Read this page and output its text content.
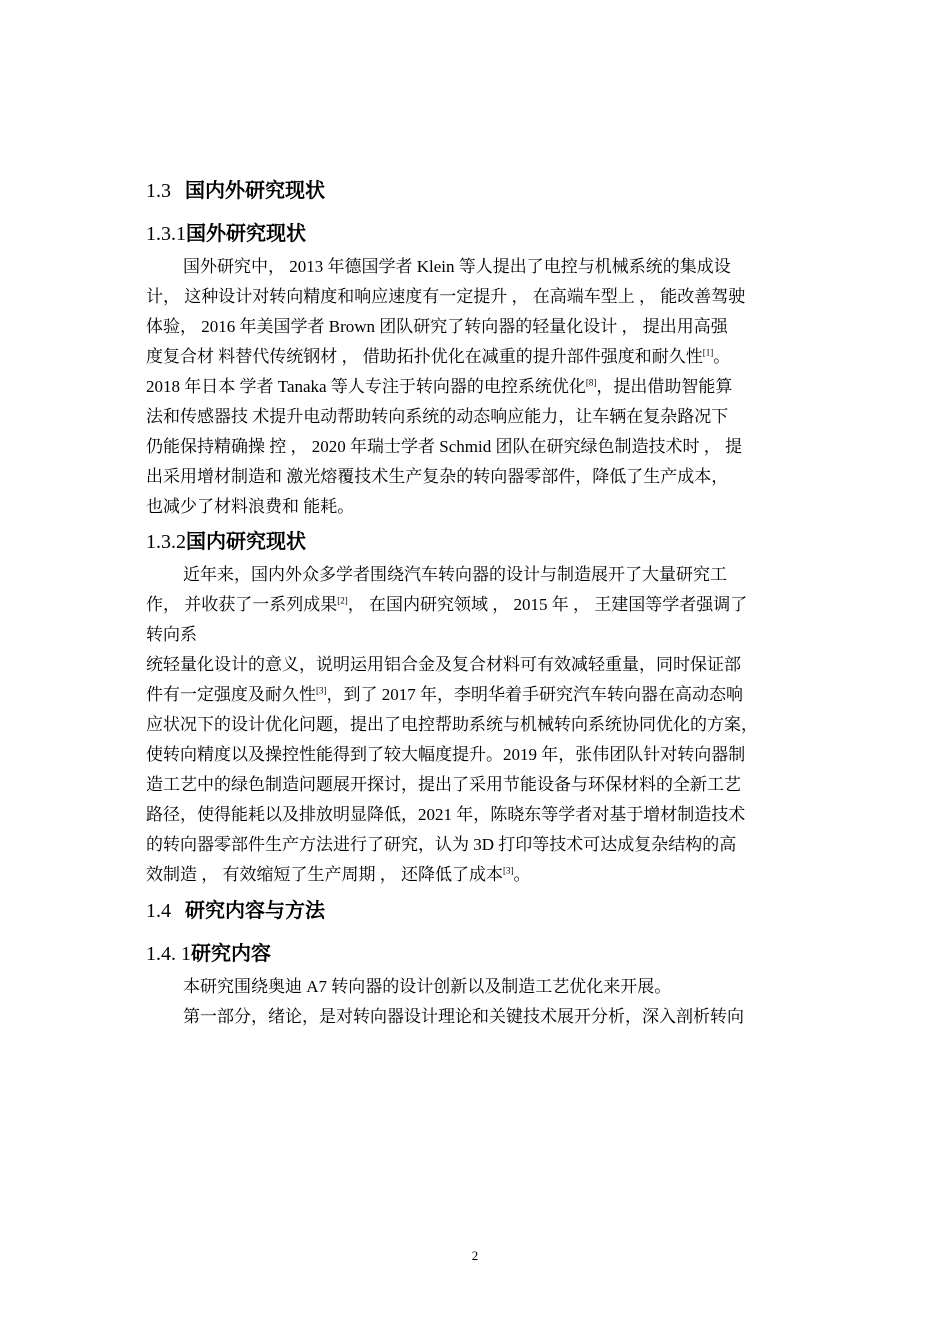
1.3 国内外研究现状
1.3.1国外研究现状
国外研究中， 2013 年德国学者 Klein 等人提出了电控与机械系统的集成设
计， 这种设计对转向精度和响应速度有一定提升 ， 在高端车型上 ， 能改善驾驶
体验， 2016 年美国学者 Brown 团队研究了转向器的轻量化设计 ， 提出用高强
度复合材 料替代传统钢材 ， 借助拓扑优化在减重的提升部件强度和耐久性[1]。
2018 年日本 学者 Tanaka 等人专注于转向器的电控系统优化[8]，提出借助智能算
法和传感器技 术提升电动帮助转向系统的动态响应能力，让车辆在复杂路况下
仍能保持精确操 控 ， 2020 年瑞士学者 Schmid 团队在研究绿色制造技术时 ， 提
出采用增材制造和 激光熔覆技术生产复杂的转向器零部件，降低了生产成本，
也减少了材料浪费和 能耗。
1.3.2国内研究现状
近年来，国内外众多学者围绕汽车转向器的设计与制造展开了大量研究工
作， 并收获了一系列成果[2]， 在国内研究领域 ， 2015 年 ， 王建国等学者强调了
转向系
统轻量化设计的意义，说明运用铝合金及复合材料可有效减轻重量，同时保证部
件有一定强度及耐久性[3]，到了 2017 年，李明华着手研究汽车转向器在高动态响
应状况下的设计优化问题，提出了电控帮助系统与机械转向系统协同优化的方案，
使转向精度以及操控性能得到了较大幅度提升。2019 年，张伟团队针对转向器制
造工艺中的绿色制造问题展开探讨，提出了采用节能设备与环保材料的全新工艺
路径，使得能耗以及排放明显降低，2021 年，陈晓东等学者对基于增材制造技术
的转向器零部件生产方法进行了研究，认为 3D 打印等技术可达成复杂结构的高
效制造 ， 有效缩短了生产周期 ， 还降低了成本[3]。
1.4 研究内容与方法
1.4. 1研究内容
本研究围绕奥迪 A7 转向器的设计创新以及制造工艺优化来开展。
第一部分，绪论，是对转向器设计理论和关键技术展开分析，深入剖析转向
2
